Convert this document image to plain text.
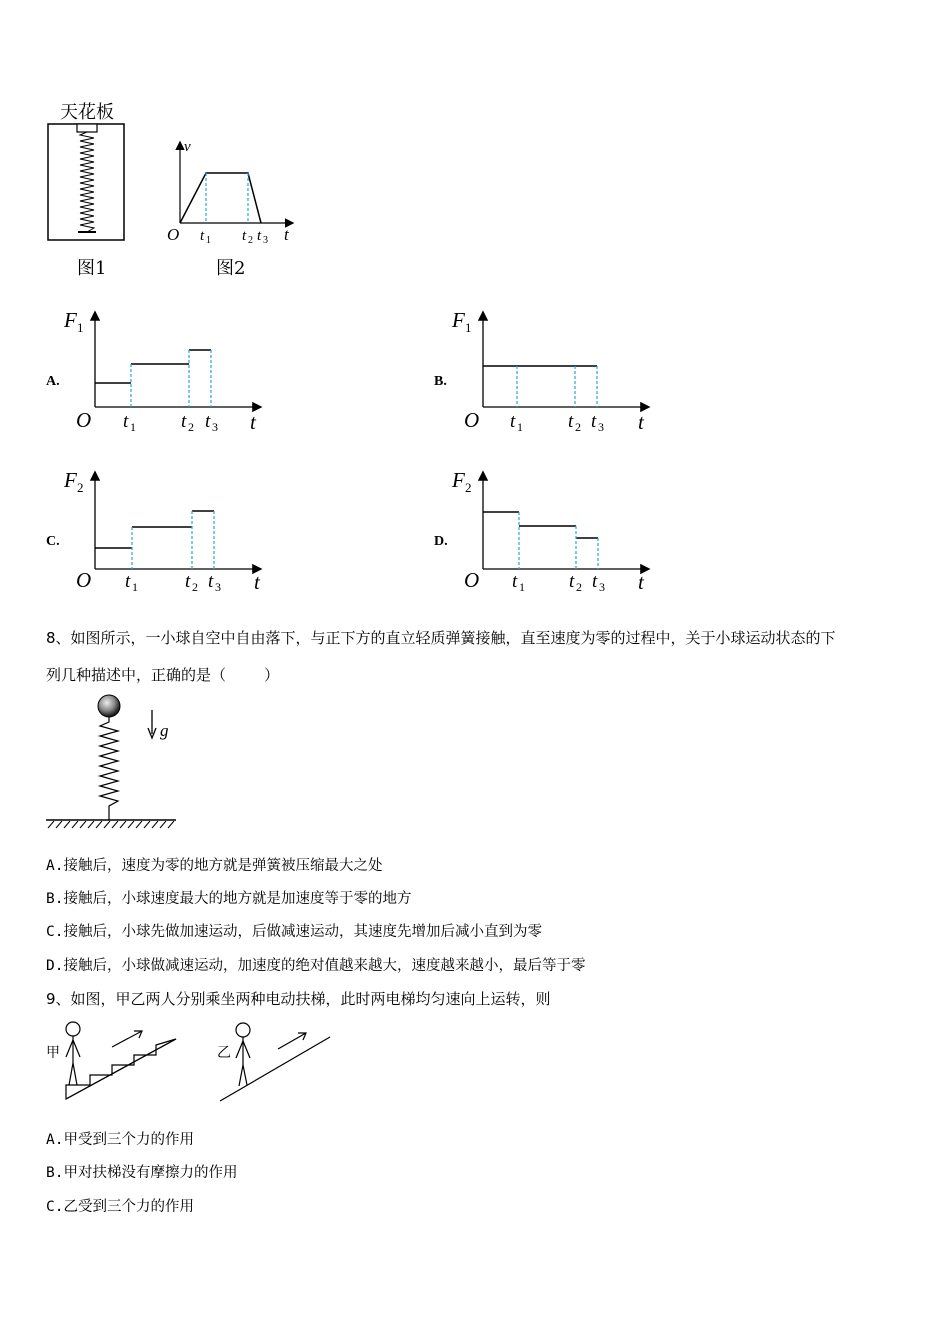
天花板
图1
v
t
O t 1 t 2 t 3
图2
A.
F 1
O	t
t 1 t 2 t 3
B.
F 1
O	t
t 1 t 2 t 3
C.
F 2
O	t
t 1 t 2 t 3
D.
F 2
O	t
t 1 t 2 t 3
8、如图所示，一小球自空中自由落下，与正下方的直立轻质弹簧接触，直至速度为零的过程中，关于小球运动状态的下
列几种描述中，正确的是（        ）
g
A.接触后，速度为零的地方就是弹簧被压缩最大之处
B.接触后，小球速度最大的地方就是加速度等于零的地方
C.接触后，小球先做加速运动，后做减速运动，其速度先增加后减小直到为零
D.接触后，小球做减速运动，加速度的绝对值越来越大，速度越来越小，最后等于零
9、如图，甲乙两人分别乘坐两种电动扶梯，此时两电梯均匀速向上运转，则
甲	乙
A.甲受到三个力的作用
B.甲对扶梯没有摩擦力的作用
C.乙受到三个力的作用
